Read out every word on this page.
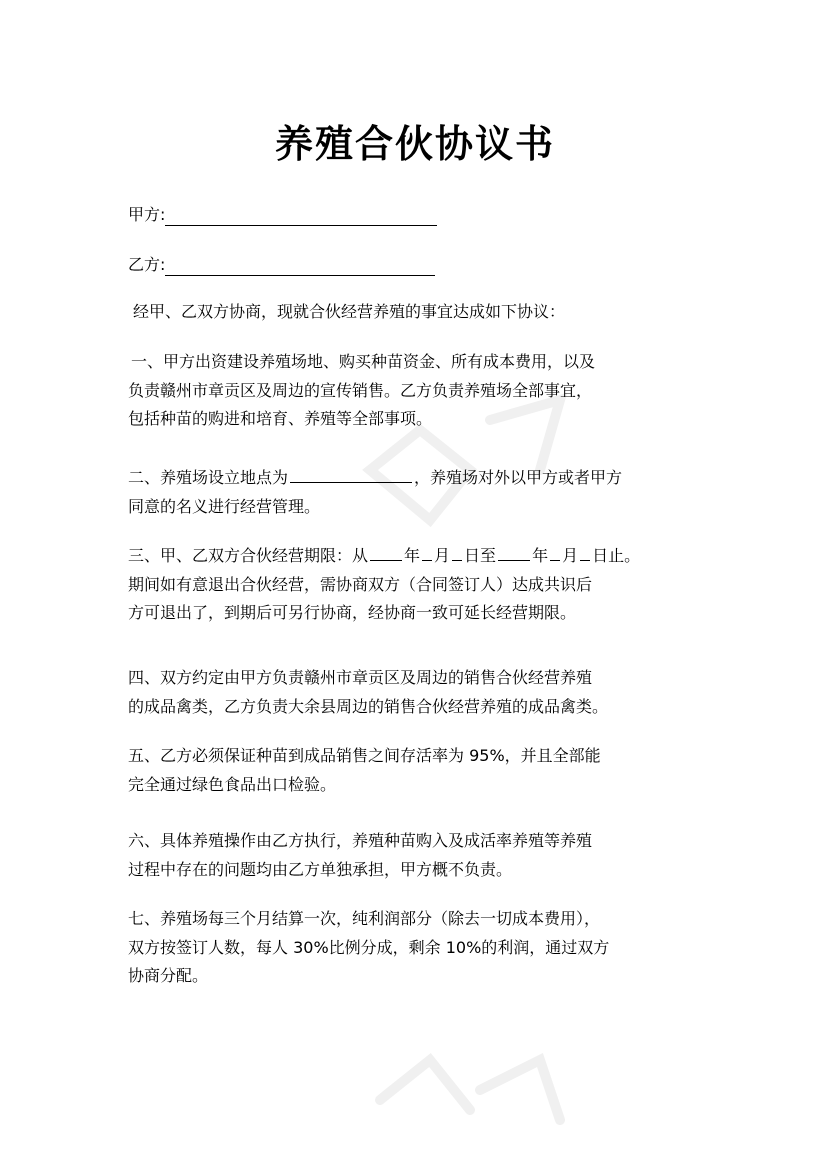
养殖合伙协议书
甲方:
乙方:
经甲、乙双方协商，现就合伙经营养殖的事宜达成如下协议：
一、甲方出资建设养殖场地、购买种苗资金、所有成本费用，以及
负责赣州市章贡区及周边的宣传销售。乙方负责养殖场全部事宜，
包括种苗的购进和培育、养殖等全部事项。
二、养殖场设立地点为	，养殖场对外以甲方或者甲方
同意的名义进行经营管理。
三、甲、乙双方合伙经营期限：从 年 月 日至 年 月 日止。
期间如有意退出合伙经营，需协商双方（合同签订人）达成共识后
方可退出了，到期后可另行协商，经协商一致可延长经营期限。
四、双方约定由甲方负责赣州市章贡区及周边的销售合伙经营养殖
的成品禽类，乙方负责大余县周边的销售合伙经营养殖的成品禽类。
五、乙方必须保证种苗到成品销售之间存活率为 95%，并且全部能
完全通过绿色食品出口检验。
六、具体养殖操作由乙方执行，养殖种苗购入及成活率养殖等养殖
过程中存在的问题均由乙方单独承担，甲方概不负责。
七、养殖场每三个月结算一次，纯利润部分（除去一切成本费用），
双方按签订人数，每人 30%比例分成，剩余 10%的利润，通过双方
协商分配。
